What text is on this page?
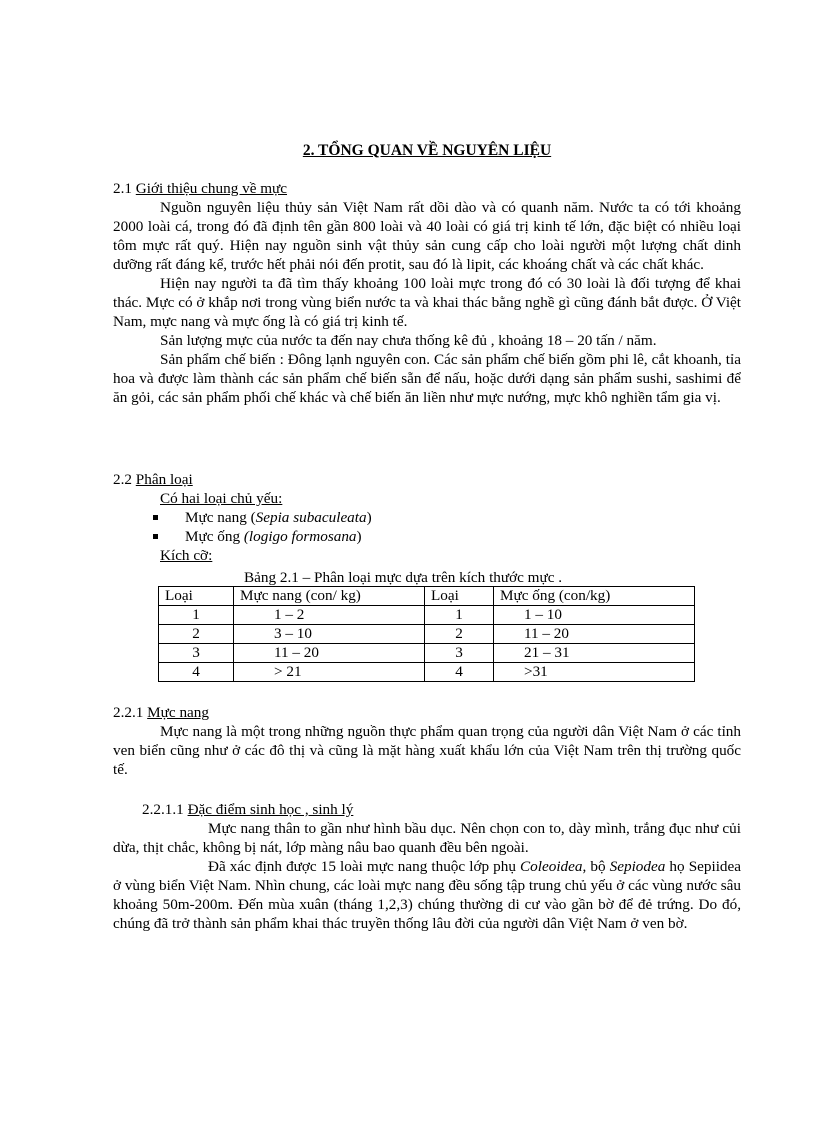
2. TỔNG QUAN VỀ NGUYÊN LIỆU

2.1 Giới thiệu chung về mực

Nguồn nguyên liệu thủy sản Việt Nam rất dồi dào và có quanh năm. Nước ta có tới khoảng 2000 loài cá, trong đó đã định tên gần 800 loài và 40 loài có giá trị kinh tế lớn, đặc biệt có nhiều loại tôm mực rất quý. Hiện nay nguồn sinh vật thủy sản cung cấp cho loài người một lượng chất dinh dưỡng rất đáng kể, trước hết phải nói đến protit, sau đó là lipit, các khoáng chất và các chất khác.

Hiện nay người ta đã tìm thấy khoảng 100 loài mực trong đó có 30 loài là đối tượng để khai thác. Mực có ở khắp nơi trong vùng biển nước ta và khai thác bằng nghề gì cũng đánh bắt được. Ở Việt Nam, mực nang và mực ống là có giá trị kinh tế.

Sản lượng mực của nước ta đến nay chưa thống kê đủ , khoảng 18 – 20 tấn / năm.

Sản phẩm chế biến : Đông lạnh nguyên con. Các sản phẩm chế biến gồm phi lê, cắt khoanh, tỉa hoa và được làm thành các sản phẩm chế biến sẵn để nấu, hoặc dưới dạng sản phẩm sushi, sashimi để ăn gỏi, các sản phẩm phối chế khác và chế biến ăn liền như mực nướng, mực khô nghiền tẩm gia vị.

2.2 Phân loại

Có hai loại chủ yếu:

Mực nang (Sepia subaculeata)
Mực ống (logigo formosana)

Kích cỡ:

Bảng 2.1 – Phân loại mực dựa trên kích thước mực .
Loại	Mực nang (con/ kg)	Loại	Mực ống (con/kg)
1	1 – 2	1	1 – 10
2	3 – 10	2	11 – 20
3	11 – 20	3	21 – 31
4	> 21	4	>31

2.2.1 Mực nang

Mực nang là một trong những nguồn thực phẩm quan trọng của người dân Việt Nam ở các tỉnh ven biển cũng như ở các đô thị và cũng là mặt hàng xuất khẩu lớn của Việt Nam trên thị trường quốc tế.

2.2.1.1 Đặc điểm sinh học , sinh lý

Mực nang thân to gần như hình bầu dục. Nên chọn con to, dày mình, trắng đục như củi dừa, thịt chắc, không bị nát, lớp màng nâu bao quanh đều bên ngoài.

Đã xác định được 15 loài mực nang thuộc lớp phụ Coleoidea, bộ Sepiodea họ Sepiidea ở vùng biển Việt Nam. Nhìn chung, các loài mực nang đều sống tập trung chủ yếu ở các vùng nước sâu khoảng 50m-200m. Đến mùa xuân (tháng 1,2,3) chúng thường di cư vào gần bờ để đẻ trứng. Do đó, chúng đã trở thành sản phẩm khai thác truyền thống lâu đời của người dân Việt Nam ở ven bờ.
